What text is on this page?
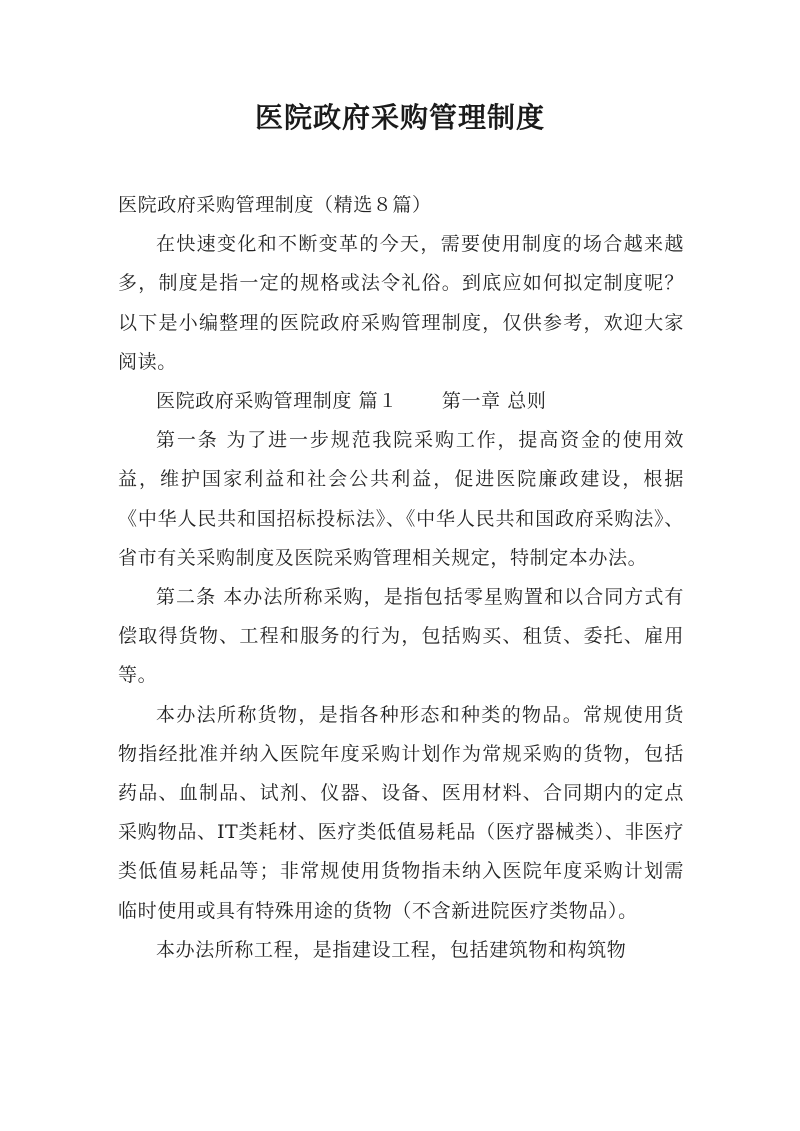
医院政府采购管理制度

医院政府采购管理制度（精选８篇）

在快速变化和不断变革的今天，需要使用制度的场合越来越多，制度是指一定的规格或法令礼俗。到底应如何拟定制度呢？以下是小编整理的医院政府采购管理制度，仅供参考，欢迎大家阅读。

医院政府采购管理制度 篇１ 第一章 总则

第一条 为了进一步规范我院采购工作，提高资金的使用效益，维护国家利益和社会公共利益，促进医院廉政建设，根据《中华人民共和国招标投标法》、《中华人民共和国政府采购法》、省市有关采购制度及医院采购管理相关规定，特制定本办法。

第二条 本办法所称采购，是指包括零星购置和以合同方式有偿取得货物、工程和服务的行为，包括购买、租赁、委托、雇用等。

本办法所称货物，是指各种形态和种类的物品。常规使用货物指经批准并纳入医院年度采购计划作为常规采购的货物，包括药品、血制品、试剂、仪器、设备、医用材料、合同期内的定点采购物品、IT类耗材、医疗类低值易耗品（医疗器械类）、非医疗类低值易耗品等；非常规使用货物指未纳入医院年度采购计划需临时使用或具有特殊用途的货物（不含新进院医疗类物品）。

本办法所称工程，是指建设工程，包括建筑物和构筑物
